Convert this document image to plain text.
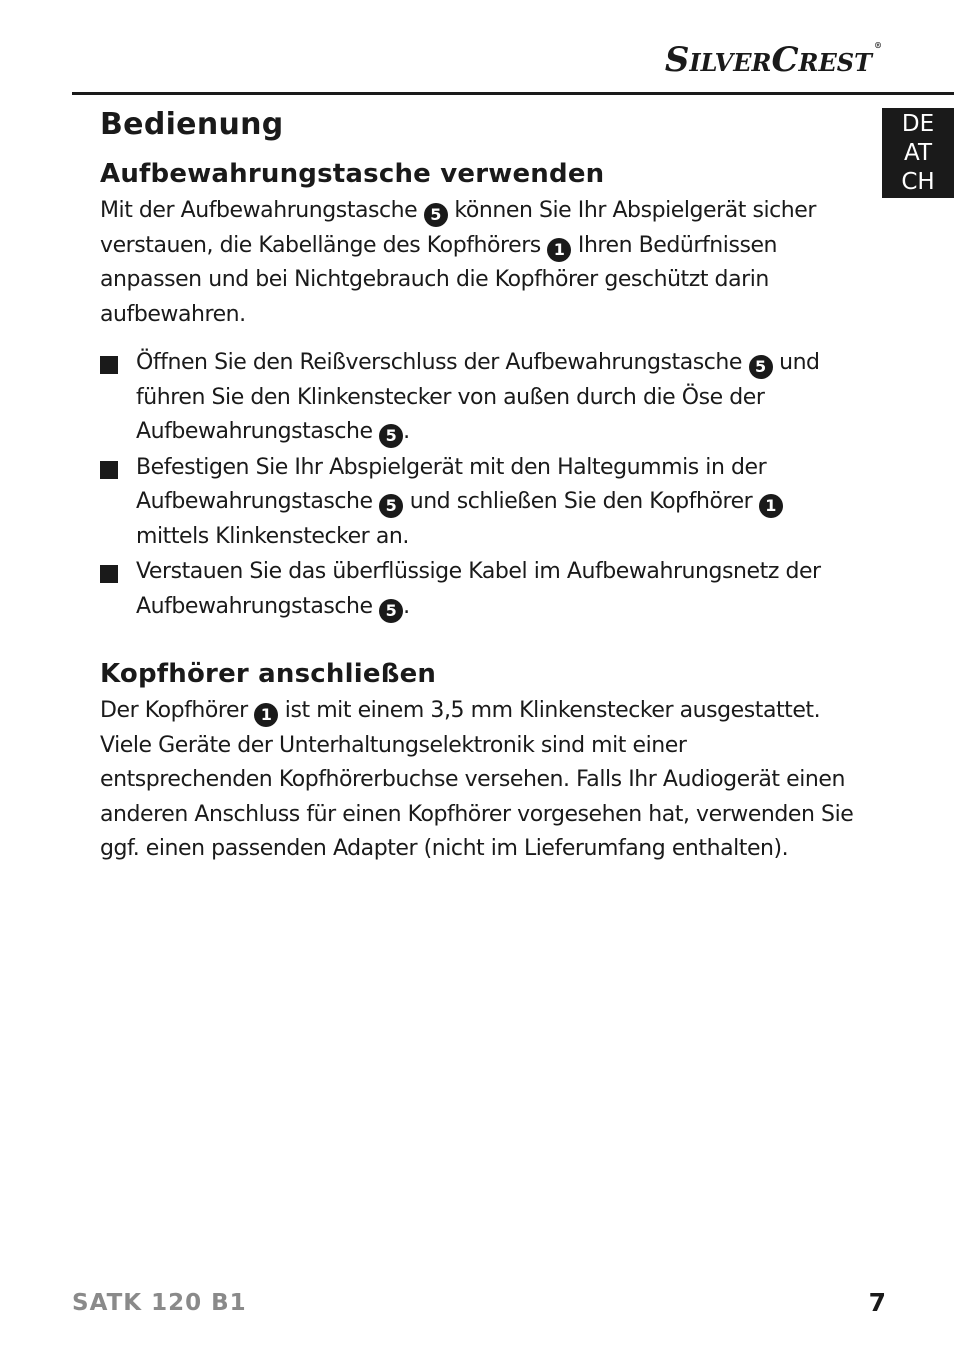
SilverCrest ®
DE
AT
CH
Bedienung
Aufbewahrungstasche verwenden

Mit der Aufbewahrungstasche 5 können Sie Ihr Abspielgerät sicher verstauen, die Kabellänge des Kopfhörers 1 Ihren Bedürfnissen anpassen und bei Nichtgebrauch die Kopfhörer geschützt darin aufbewahren.

Öffnen Sie den Reißverschluss der Aufbewahrungstasche 5 und führen Sie den Klinkenstecker von außen durch die Öse der Aufbewahrungstasche 5 .
Befestigen Sie Ihr Abspielgerät mit den Haltegummis in der Aufbewahrungstasche 5 und schließen Sie den Kopfhörer 1 mittels Klinkenstecker an.
Verstauen Sie das überflüssige Kabel im Aufbewahrungsnetz der Aufbewahrungstasche 5 .
Kopfhörer anschließen

Der Kopfhörer 1 ist mit einem 3,5 mm Klinkenstecker ausgestattet. Viele Geräte der Unterhaltungselektronik sind mit einer entsprechenden Kopfhörerbuchse versehen. Falls Ihr Audiogerät einen anderen Anschluss für einen Kopfhörer vorgesehen hat, verwenden Sie ggf. einen passenden Adapter (nicht im Lieferumfang enthalten).

SATK 120 B1	7
